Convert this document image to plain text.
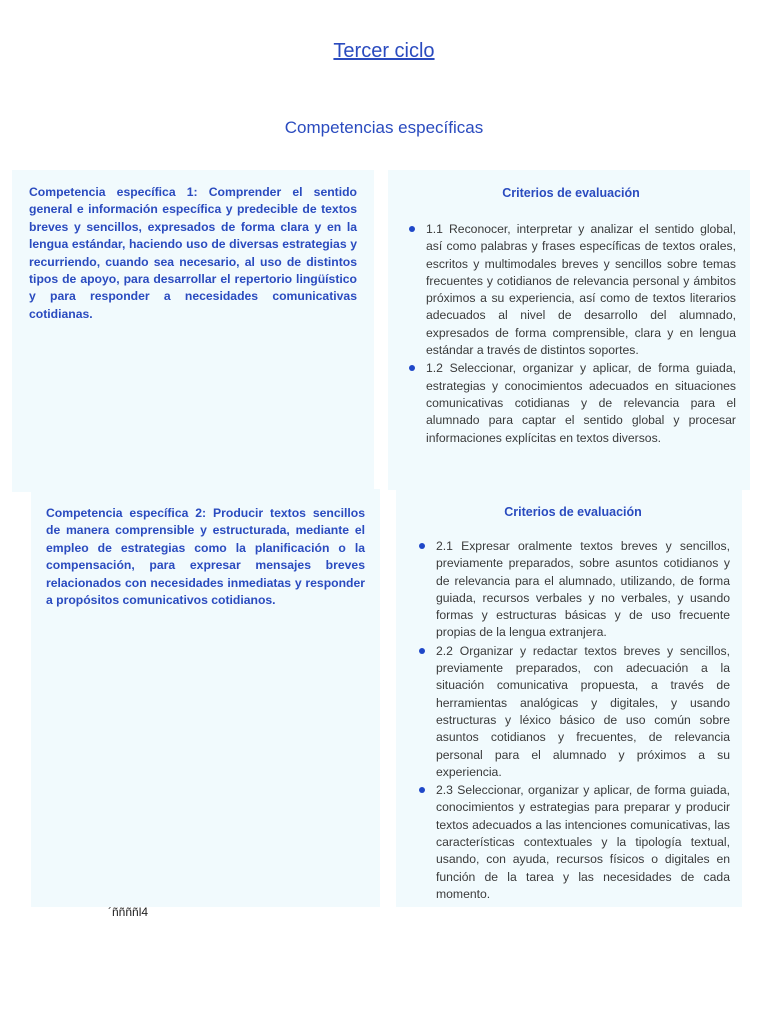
Tercer ciclo
Competencias específicas

Competencia específica 1: Comprender el sentido general e información específica y predecible de textos breves y sencillos, expresados de forma clara y en la lengua estándar, haciendo uso de diversas estrategias y recurriendo, cuando sea necesario, al uso de distintos tipos de apoyo, para desarrollar el repertorio lingüístico y para responder a necesidades comunicativas cotidianas.

Criterios de evaluación

1.1 Reconocer, interpretar y analizar el sentido global, así como palabras y frases específicas de textos orales, escritos y multimodales breves y sencillos sobre temas frecuentes y cotidianos de relevancia personal y ámbitos próximos a su experiencia, así como de textos literarios adecuados al nivel de desarrollo del alumnado, expresados de forma comprensible, clara y en lengua estándar a través de distintos soportes.
1.2 Seleccionar, organizar y aplicar, de forma guiada, estrategias y conocimientos adecuados en situaciones comunicativas cotidianas y de relevancia para el alumnado para captar el sentido global y procesar informaciones explícitas en textos diversos.

Competencia específica 2: Producir textos sencillos de manera comprensible y estructurada, mediante el empleo de estrategias como la planificación o la compensación, para expresar mensajes breves relacionados con necesidades inmediatas y responder a propósitos comunicativos cotidianos.

Criterios de evaluación

2.1 Expresar oralmente textos breves y sencillos, previamente preparados, sobre asuntos cotidianos y de relevancia para el alumnado, utilizando, de forma guiada, recursos verbales y no verbales, y usando formas y estructuras básicas y de uso frecuente propias de la lengua extranjera.
2.2 Organizar y redactar textos breves y sencillos, previamente preparados, con adecuación a la situación comunicativa propuesta, a través de herramientas analógicas y digitales, y usando estructuras y léxico básico de uso común sobre asuntos cotidianos y frecuentes, de relevancia personal para el alumnado y próximos a su experiencia.
2.3 Seleccionar, organizar y aplicar, de forma guiada, conocimientos y estrategias para preparar y producir textos adecuados a las intenciones comunicativas, las características contextuales y la tipología textual, usando, con ayuda, recursos físicos o digitales en función de la tarea y las necesidades de cada momento.
´ññññl4
